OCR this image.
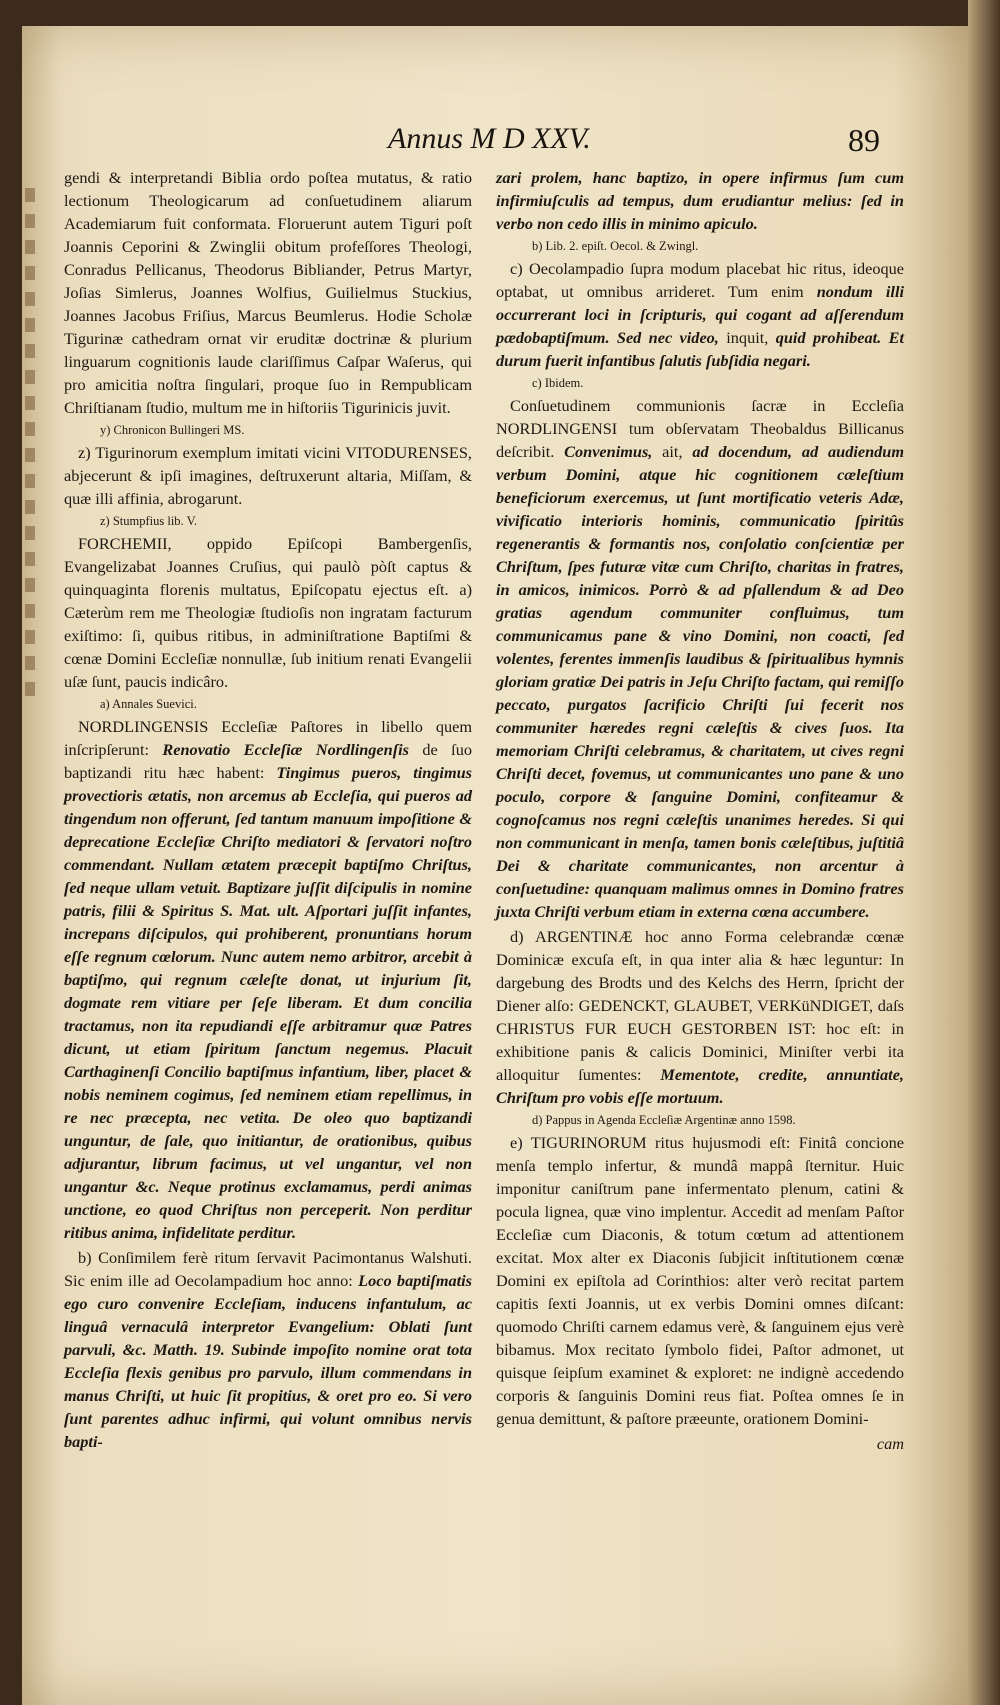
Annus M D XXV.	89

gendi & interpretandi Biblia ordo poſtea mutatus, & ratio lectionum Theologicarum ad conſuetudinem aliarum Academiarum fuit conformata. Floruerunt autem Tiguri poſt Joannis Ceporini & Zwinglii obitum profeſſores Theologi, Conradus Pellicanus, Theodorus Bibliander, Petrus Martyr, Joſias Simlerus, Joannes Wolfius, Guilielmus Stuckius, Joannes Jacobus Friſius, Marcus Beumlerus. Hodie Scholæ Tigurinæ cathedram ornat vir eruditæ doctrinæ & plurium linguarum cognitionis laude clariſſimus Caſpar Waſerus, qui pro amicitia noſtra ſingulari, proque ſuo in Rempublicam Chriſtianam ſtudio, multum me in hiſtoriis Tigurinicis juvit.

y) Chronicon Bullingeri MS.

z) Tigurinorum exemplum imitati vicini VITODURENSES, abjecerunt & ipſi imagines, deſtruxerunt altaria, Miſſam, & quæ illi affinia, abrogarunt.

z) Stumpfius lib. V.

FORCHEMII, oppido Epiſcopi Bambergenſis, Evangelizabat Joannes Cruſius, qui paulò pòſt captus & quinquaginta florenis multatus, Epiſcopatu ejectus eſt. a) Cæterùm rem me Theologiæ ſtudioſis non ingratam facturum exiſtimo: ſi, quibus ritibus, in adminiſtratione Baptiſmi & cœnæ Domini Eccleſiæ nonnullæ, ſub initium renati Evangelii uſæ ſunt, paucis indicâro.

a) Annales Suevici.

NORDLINGENSIS Eccleſiæ Paſtores in libello quem inſcripſerunt: Renovatio Eccleſiæ Nordlingenſis de ſuo baptizandi ritu hæc habent: Tingimus pueros, tingimus provectioris ætatis, non arcemus ab Eccleſia, qui pueros ad tingendum non offerunt, ſed tantum manuum impoſitione & deprecatione Eccleſiæ Chriſto mediatori & ſervatori noſtro commendant. Nullam ætatem præcepit baptiſmo Chriſtus, ſed neque ullam vetuit. Baptizare juſſit diſcipulis in nomine patris, filii & Spiritus S. Mat. ult. Aſportari juſſit infantes, increpans diſcipulos, qui prohiberent, pronuntians horum eſſe regnum cœlorum. Nunc autem nemo arbitror, arcebit à baptiſmo, qui regnum cæleſte donat, ut injurium ſit, dogmate rem vitiare per ſeſe liberam. Et dum concilia tractamus, non ita repudiandi eſſe arbitramur quæ Patres dicunt, ut etiam ſpiritum ſanctum negemus. Placuit Carthaginenſi Concilio baptiſmus infantium, liber, placet & nobis neminem cogimus, ſed neminem etiam repellimus, in re nec præcepta, nec vetita. De oleo quo baptizandi unguntur, de ſale, quo initiantur, de orationibus, quibus adjurantur, librum facimus, ut vel ungantur, vel non ungantur &c. Neque protinus exclamamus, perdi animas unctione, eo quod Chriſtus non perceperit. Non perditur ritibus anima, infidelitate perditur.

b) Conſimilem ferè ritum ſervavit Pacimontanus Walshuti. Sic enim ille ad Oecolampadium hoc anno: Loco baptiſmatis ego curo convenire Eccleſiam, inducens infantulum, ac linguâ vernaculâ interpretor Evangelium: Oblati ſunt parvuli, &c. Matth. 19. Subinde impoſito nomine orat tota Eccleſia flexis genibus pro parvulo, illum commendans in manus Chriſti, ut huic ſit propitius, & oret pro eo. Si vero ſunt parentes adhuc infirmi, qui volunt omnibus nervis bapti-

zari prolem, hanc baptizo, in opere infirmus ſum cum infirmiuſculis ad tempus, dum erudiantur melius: ſed in verbo non cedo illis in minimo apiculo.

b) Lib. 2. epiſt. Oecol. & Zwingl.

c) Oecolampadio ſupra modum placebat hic ritus, ideoque optabat, ut omnibus arrideret. Tum enim nondum illi occurrerant loci in ſcripturis, qui cogant ad aſſerendum pædobaptiſmum. Sed nec video, inquit, quid prohibeat. Et durum fuerit infantibus ſalutis ſubſidia negari.

c) Ibidem.

Conſuetudinem communionis ſacræ in Eccleſia NORDLINGENSI tum obſervatam Theobaldus Billicanus deſcribit. Convenimus, ait, ad docendum, ad audiendum verbum Domini, atque hic cognitionem cæleſtium beneficiorum exercemus, ut ſunt mortificatio veteris Adæ, vivificatio interioris hominis, communicatio ſpiritûs regenerantis & formantis nos, conſolatio conſcientiæ per Chriſtum, ſpes futuræ vitæ cum Chriſto, charitas in fratres, in amicos, inimicos. Porrò & ad pſallendum & ad Deo gratias agendum communiter confluimus, tum communicamus pane & vino Domini, non coacti, ſed volentes, ferentes immenſis laudibus & ſpiritualibus hymnis gloriam gratiæ Dei patris in Jeſu Chriſto factam, qui remiſſo peccato, purgatos ſacrificio Chriſti ſui fecerit nos communiter hæredes regni cæleſtis & cives ſuos. Ita memoriam Chriſti celebramus, & charitatem, ut cives regni Chriſti decet, fovemus, ut communicantes uno pane & uno poculo, corpore & ſanguine Domini, confiteamur & cognoſcamus nos regni cæleſtis unanimes heredes. Si qui non communicant in menſa, tamen bonis cæleſtibus, juſtitiâ Dei & charitate communicantes, non arcentur à conſuetudine: quanquam malimus omnes in Domino fratres juxta Chriſti verbum etiam in externa cœna accumbere.

d) ARGENTINÆ hoc anno Forma celebrandæ cœnæ Dominicæ excuſa eſt, in qua inter alia & hæc leguntur: In dargebung des Brodts und des Kelchs des Herrn, ſpricht der Diener alſo: GEDENCKT, GLAUBET, VERKüNDIGET, daſs CHRISTUS FUR EUCH GESTORBEN IST: hoc eſt: in exhibitione panis & calicis Dominici, Miniſter verbi ita alloquitur ſumentes: Mementote, credite, annuntiate, Chriſtum pro vobis eſſe mortuum.

d) Pappus in Agenda Eccleſiæ Argentinæ anno 1598.

e) TIGURINORUM ritus hujusmodi eſt: Finitâ concione menſa templo infertur, & mundâ mappâ ſternitur. Huic imponitur caniſtrum pane infermentato plenum, catini & pocula lignea, quæ vino implentur. Accedit ad menſam Paſtor Eccleſiæ cum Diaconis, & totum cœtum ad attentionem excitat. Mox alter ex Diaconis ſubjicit inſtitutionem cœnæ Domini ex epiſtola ad Corinthios: alter verò recitat partem capitis ſexti Joannis, ut ex verbis Domini omnes diſcant: quomodo Chriſti carnem edamus verè, & ſanguinem ejus verè bibamus. Mox recitato ſymbolo fidei, Paſtor admonet, ut quisque ſeipſum examinet & exploret: ne indignè accedendo corporis & ſanguinis Domini reus fiat. Poſtea omnes ſe in genua demittunt, & paſtore præeunte, orationem Domini-

cam
